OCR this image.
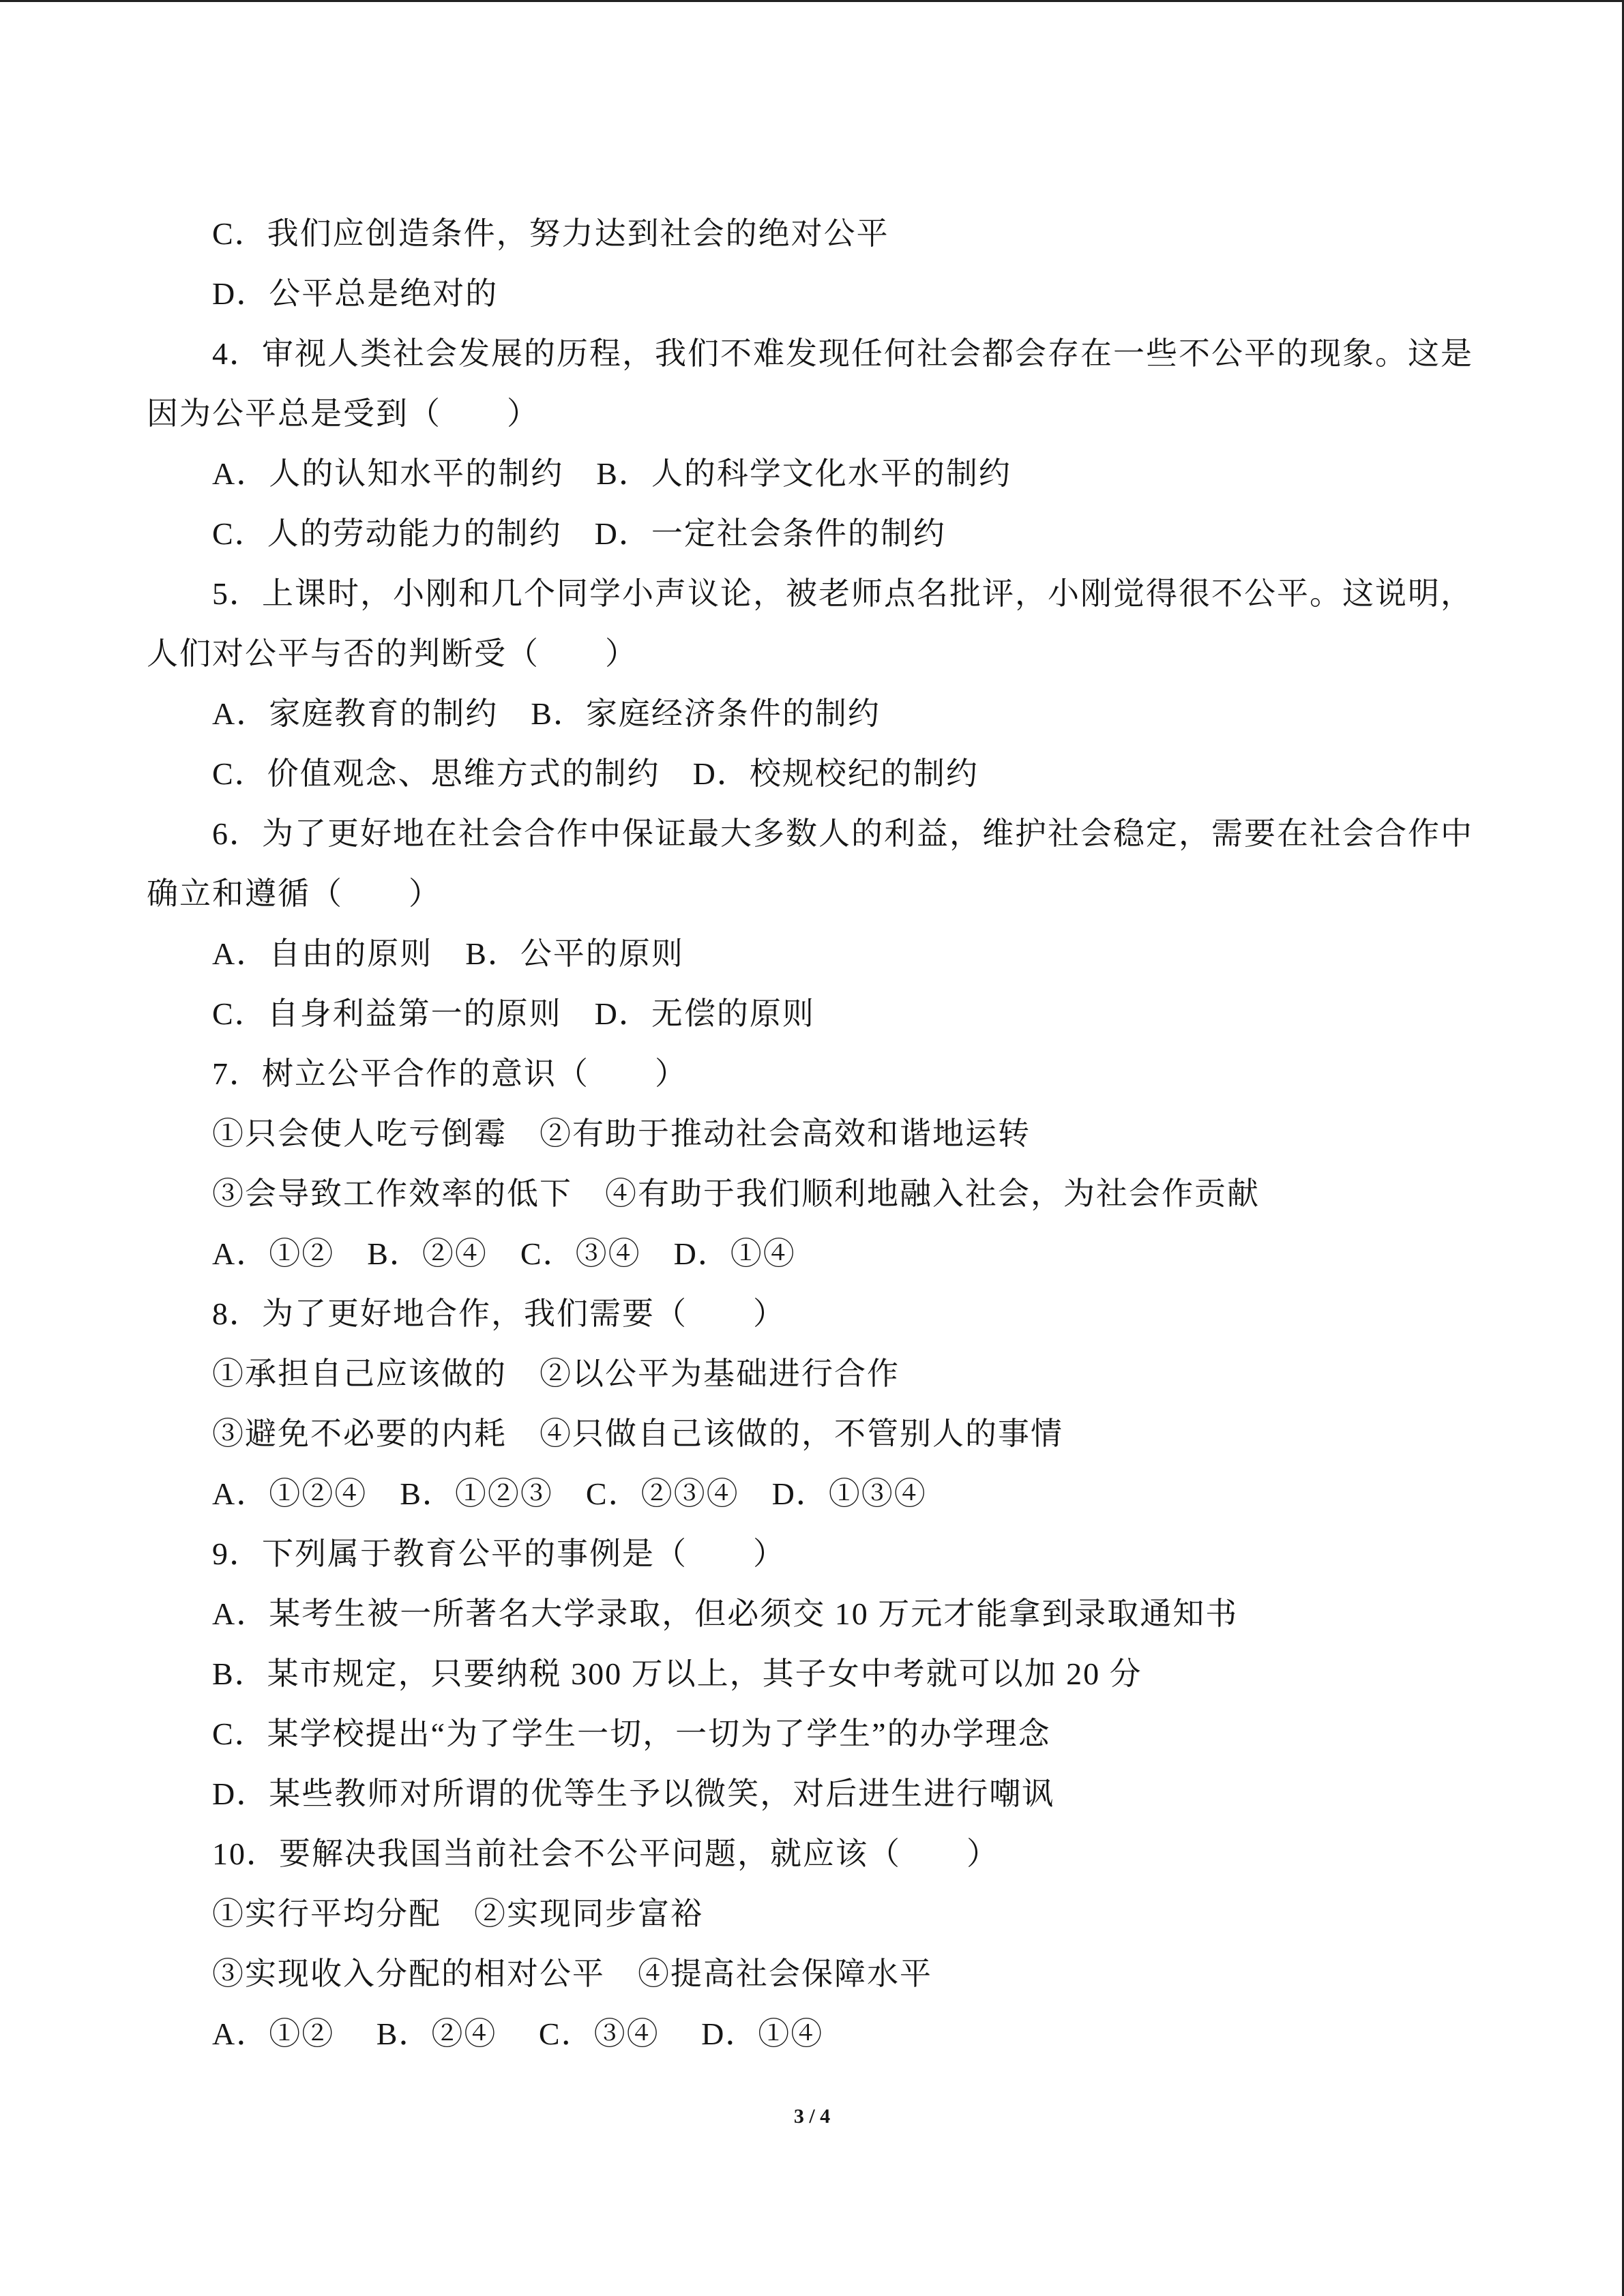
C．我们应创造条件，努力达到社会的绝对公平
D．公平总是绝对的
4．审视人类社会发展的历程，我们不难发现任何社会都会存在一些不公平的现象。这是
因为公平总是受到（　　）
A．人的认知水平的制约　B．人的科学文化水平的制约
C．人的劳动能力的制约　D．一定社会条件的制约
5．上课时，小刚和几个同学小声议论，被老师点名批评，小刚觉得很不公平。这说明，
人们对公平与否的判断受（　　）
A．家庭教育的制约　B．家庭经济条件的制约
C．价值观念、思维方式的制约　D．校规校纪的制约
6．为了更好地在社会合作中保证最大多数人的利益，维护社会稳定，需要在社会合作中
确立和遵循（　　）
A．自由的原则　B．公平的原则
C．自身利益第一的原则　D．无偿的原则
7．树立公平合作的意识（　　）
①只会使人吃亏倒霉　②有助于推动社会高效和谐地运转
③会导致工作效率的低下　④有助于我们顺利地融入社会，为社会作贡献
A．①②　B．②④　C．③④　D．①④
8．为了更好地合作，我们需要（　　）
①承担自己应该做的　②以公平为基础进行合作
③避免不必要的内耗　④只做自己该做的，不管别人的事情
A．①②④　B．①②③　C．②③④　D．①③④
9．下列属于教育公平的事例是（　　）
A．某考生被一所著名大学录取，但必须交 10 万元才能拿到录取通知书
B．某市规定，只要纳税 300 万以上，其子女中考就可以加 20 分
C．某学校提出“为了学生一切，一切为了学生”的办学理念
D．某些教师对所谓的优等生予以微笑，对后进生进行嘲讽
10．要解决我国当前社会不公平问题，就应该（　　）
①实行平均分配　②实现同步富裕
③实现收入分配的相对公平　④提高社会保障水平
A．①②　 B．②④　 C．③④　 D．①④
3 / 4
